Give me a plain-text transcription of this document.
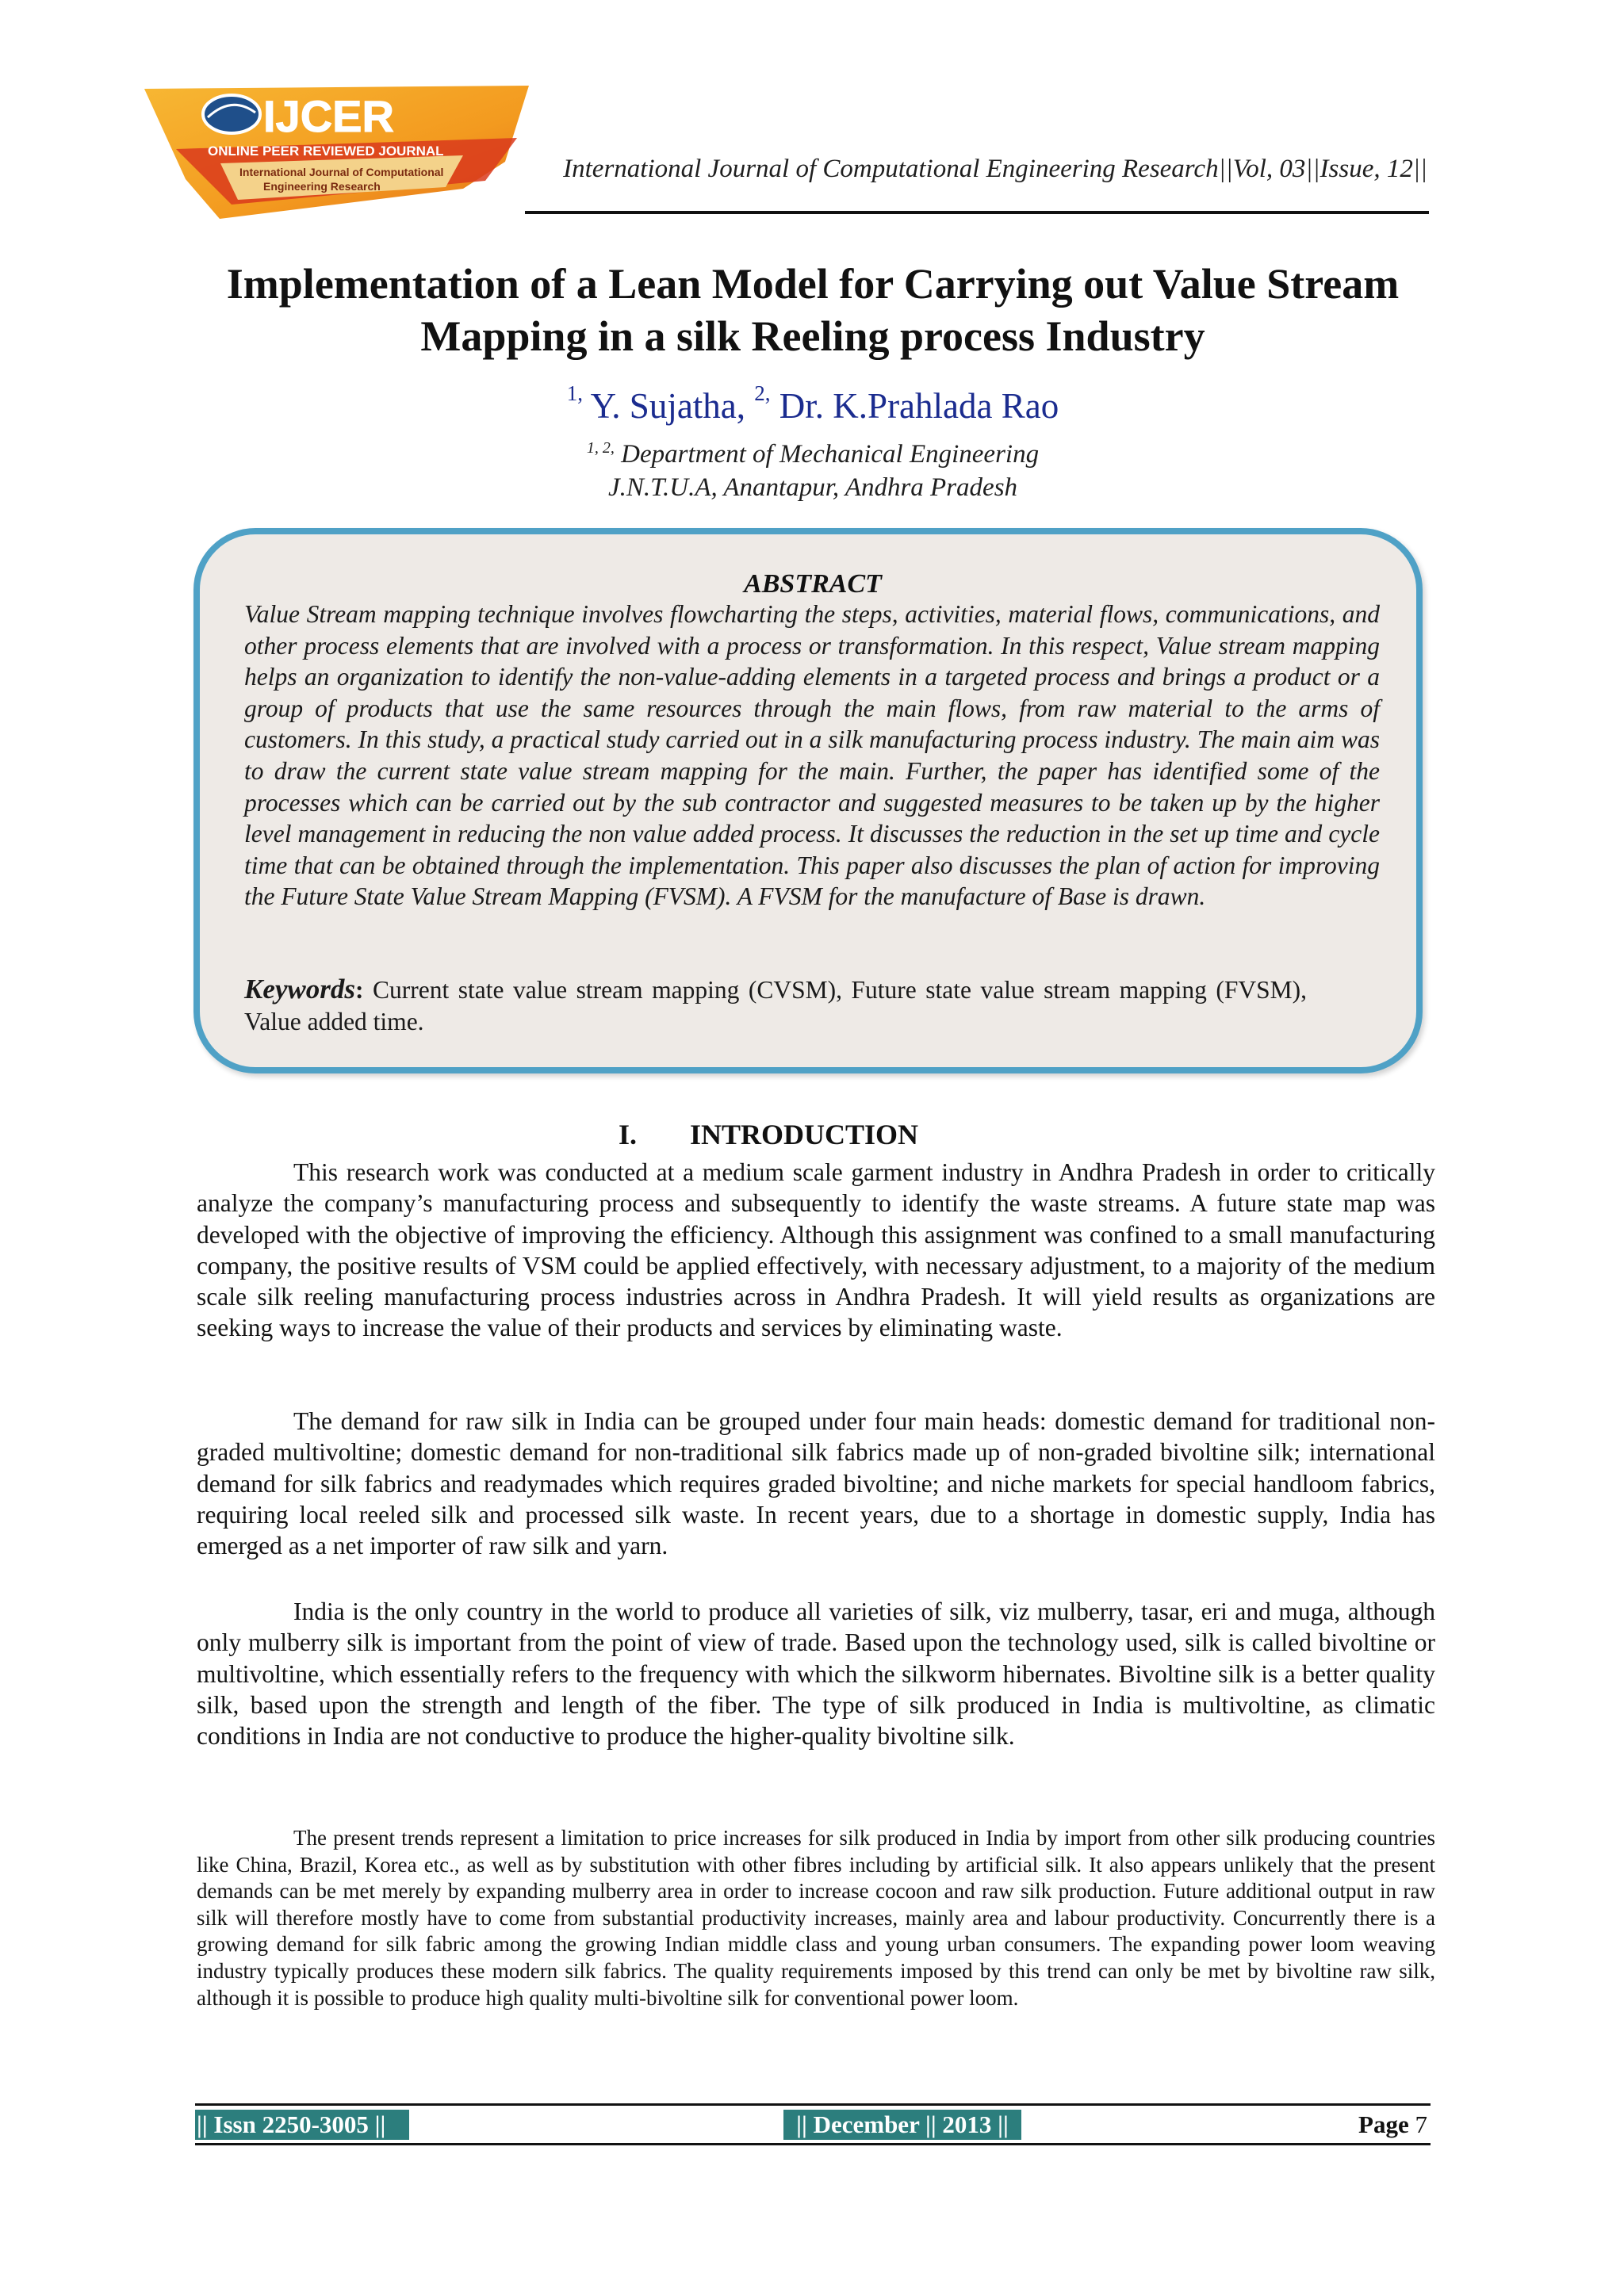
IJCER
ONLINE PEER REVIEWED JOURNAL
International Journal of Computational
Engineering Research
International Journal of Computational Engineering Research||Vol, 03||Issue, 12||
Implementation of a Lean Model for Carrying out Value Stream
Mapping in a silk Reeling process Industry
$^{1,}$ Y. Sujatha, $^{2,}$ Dr. K.Prahlada Rao
$^{1, 2,}$ Department of Mechanical Engineering
J.N.T.U.A, Anantapur, Andhra Pradesh
ABSTRACT
Value Stream mapping technique involves flowcharting the steps, activities, material flows, communications, and other process elements that are involved with a process or transformation. In this respect, Value stream mapping helps an organization to identify the non-value-adding elements in a targeted process and brings a product or a group of products that use the same resources through the main flows, from raw material to the arms of customers. In this study, a practical study carried out in a silk manufacturing process industry. The main aim was to draw the current state value stream mapping for the main. Further, the paper has identified some of the processes which can be carried out by the sub contractor and suggested measures to be taken up by the higher level management in reducing the non value added process. It discusses the reduction in the set up time and cycle time that can be obtained through the implementation. This paper also discusses the plan of action for improving the Future State Value Stream Mapping (FVSM). A FVSM for the manufacture of Base is drawn.
Keywords: Current state value stream mapping (CVSM), Future state value stream mapping (FVSM), Value added time.
I. INTRODUCTION
This research work was conducted at a medium scale garment industry in Andhra Pradesh in order to critically analyze the company’s manufacturing process and subsequently to identify the waste streams. A future state map was developed with the objective of improving the efficiency. Although this assignment was confined to a small manufacturing company, the positive results of VSM could be applied effectively, with necessary adjustment, to a majority of the medium scale silk reeling manufacturing process industries across in Andhra Pradesh. It will yield results as organizations are seeking ways to increase the value of their products and services by eliminating waste.
The demand for raw silk in India can be grouped under four main heads: domestic demand for traditional non-graded multivoltine; domestic demand for non-traditional silk fabrics made up of non-graded bivoltine silk; international demand for silk fabrics and readymades which requires graded bivoltine; and niche markets for special handloom fabrics, requiring local reeled silk and processed silk waste. In recent years, due to a shortage in domestic supply, India has emerged as a net importer of raw silk and yarn.
India is the only country in the world to produce all varieties of silk, viz mulberry, tasar, eri and muga, although only mulberry silk is important from the point of view of trade. Based upon the technology used, silk is called bivoltine or multivoltine, which essentially refers to the frequency with which the silkworm hibernates. Bivoltine silk is a better quality silk, based upon the strength and length of the fiber. The type of silk produced in India is multivoltine, as climatic conditions in India are not conductive to produce the higher-quality bivoltine silk.
The present trends represent a limitation to price increases for silk produced in India by import from other silk producing countries like China, Brazil, Korea etc., as well as by substitution with other fibres including by artificial silk. It also appears unlikely that the present demands can be met merely by expanding mulberry area in order to increase cocoon and raw silk production. Future additional output in raw silk will therefore mostly have to come from substantial productivity increases, mainly area and labour productivity. Concurrently there is a growing demand for silk fabric among the growing Indian middle class and young urban consumers. The expanding power loom weaving industry typically produces these modern silk fabrics. The quality requirements imposed by this trend can only be met by bivoltine raw silk, although it is possible to produce high quality multi-bivoltine silk for conventional power loom.
|| Issn 2250-3005 ||	|| December || 2013 ||	Page 7
